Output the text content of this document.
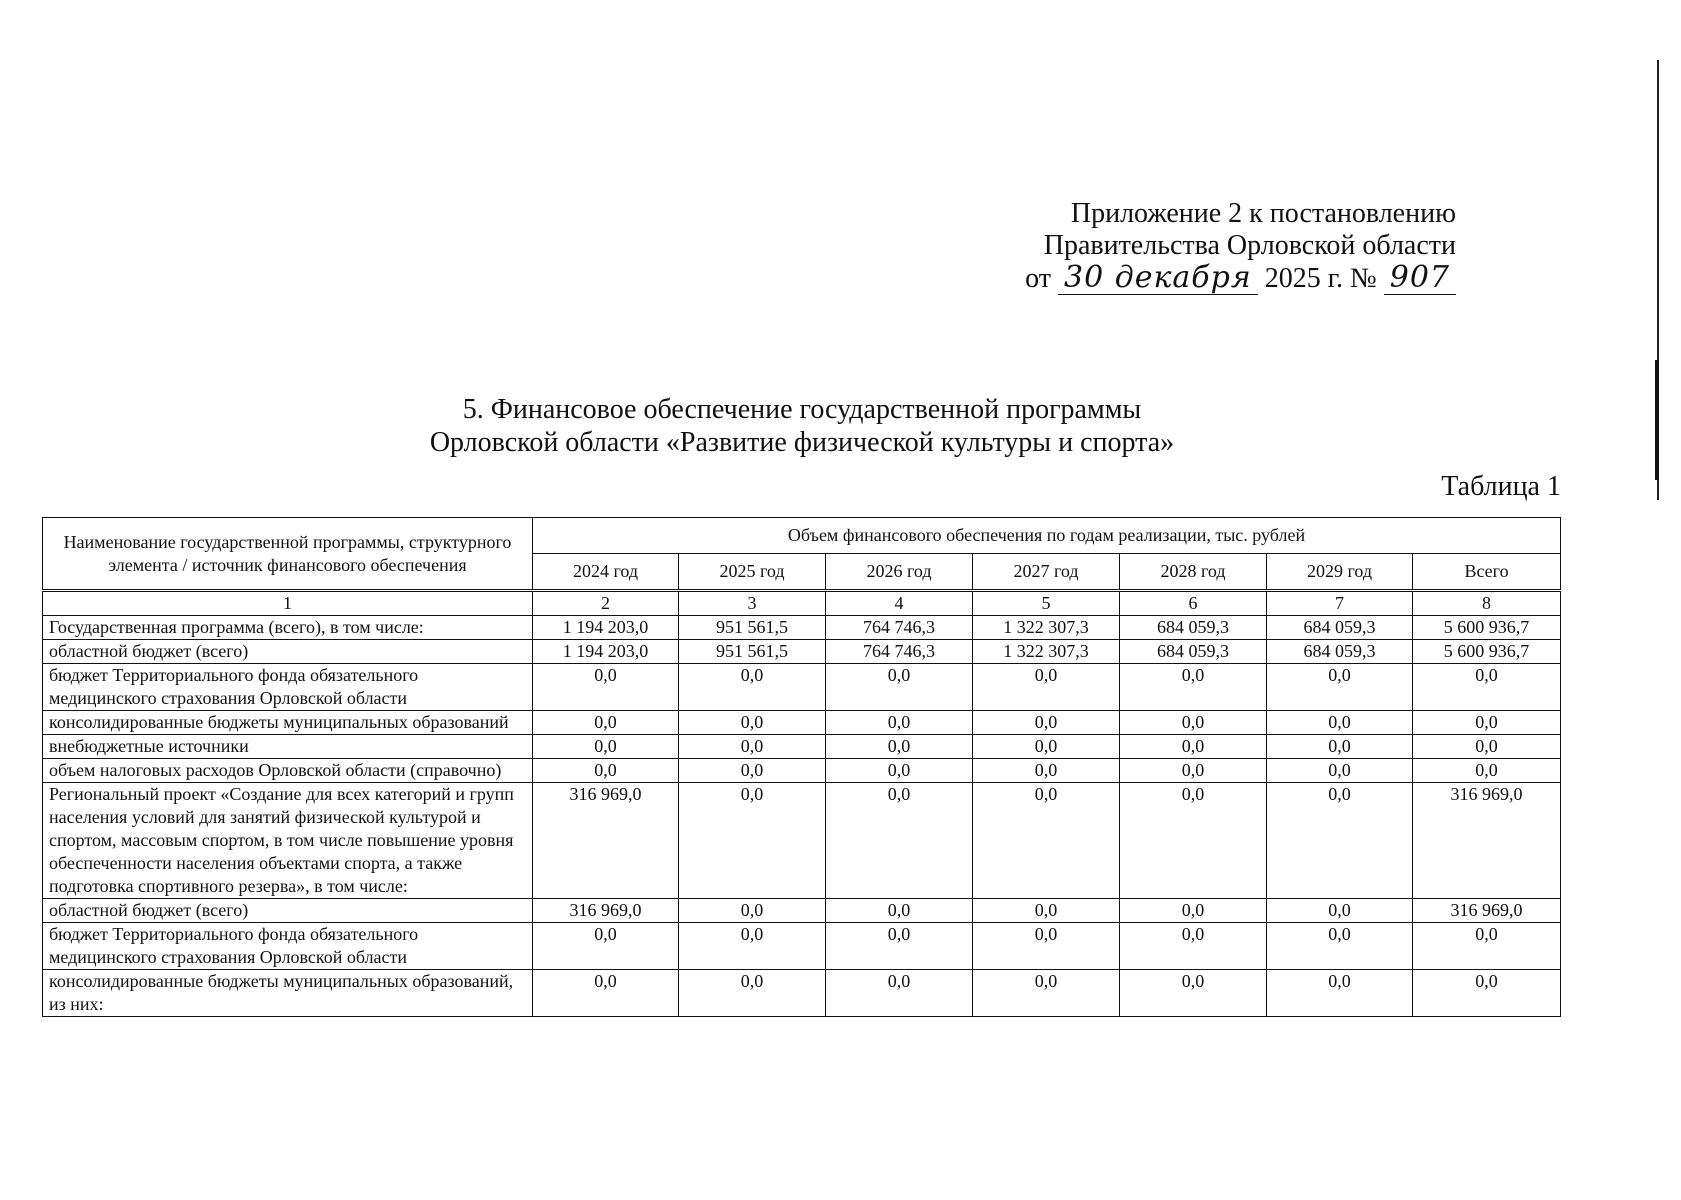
Приложение 2 к постановлению
Правительства Орловской области
от 30 декабря 2025 г. № 907
5. Финансовое обеспечение государственной программы
Орловской области «Развитие физической культуры и спорта»
Таблица 1
Наименование государственной программы, структурного элемента / источник финансового обеспечения	Объем финансового обеспечения по годам реализации, тыс. рублей						
	2024 год	2025 год	2026 год	2027 год	2028 год	2029 год	Всего
1	2	3	4	5	6	7	8
Государственная программа (всего), в том числе:	1 194 203,0	951 561,5	764 746,3	1 322 307,3	684 059,3	684 059,3	5 600 936,7
областной бюджет (всего)	1 194 203,0	951 561,5	764 746,3	1 322 307,3	684 059,3	684 059,3	5 600 936,7
бюджет Территориального фонда обязательного медицинского страхования Орловской области	0,0	0,0	0,0	0,0	0,0	0,0	0,0
консолидированные бюджеты муниципальных образований	0,0	0,0	0,0	0,0	0,0	0,0	0,0
внебюджетные источники	0,0	0,0	0,0	0,0	0,0	0,0	0,0
объем налоговых расходов Орловской области (справочно)	0,0	0,0	0,0	0,0	0,0	0,0	0,0
Региональный проект «Создание для всех категорий и групп населения условий для занятий физической культурой и спортом, массовым спортом, в том числе повышение уровня обеспеченности населения объектами спорта, а также подготовка спортивного резерва», в том числе:	316 969,0	0,0	0,0	0,0	0,0	0,0	316 969,0
областной бюджет (всего)	316 969,0	0,0	0,0	0,0	0,0	0,0	316 969,0
бюджет Территориального фонда обязательного медицинского страхования Орловской области	0,0	0,0	0,0	0,0	0,0	0,0	0,0
консолидированные бюджеты муниципальных образований, из них:	0,0	0,0	0,0	0,0	0,0	0,0	0,0
